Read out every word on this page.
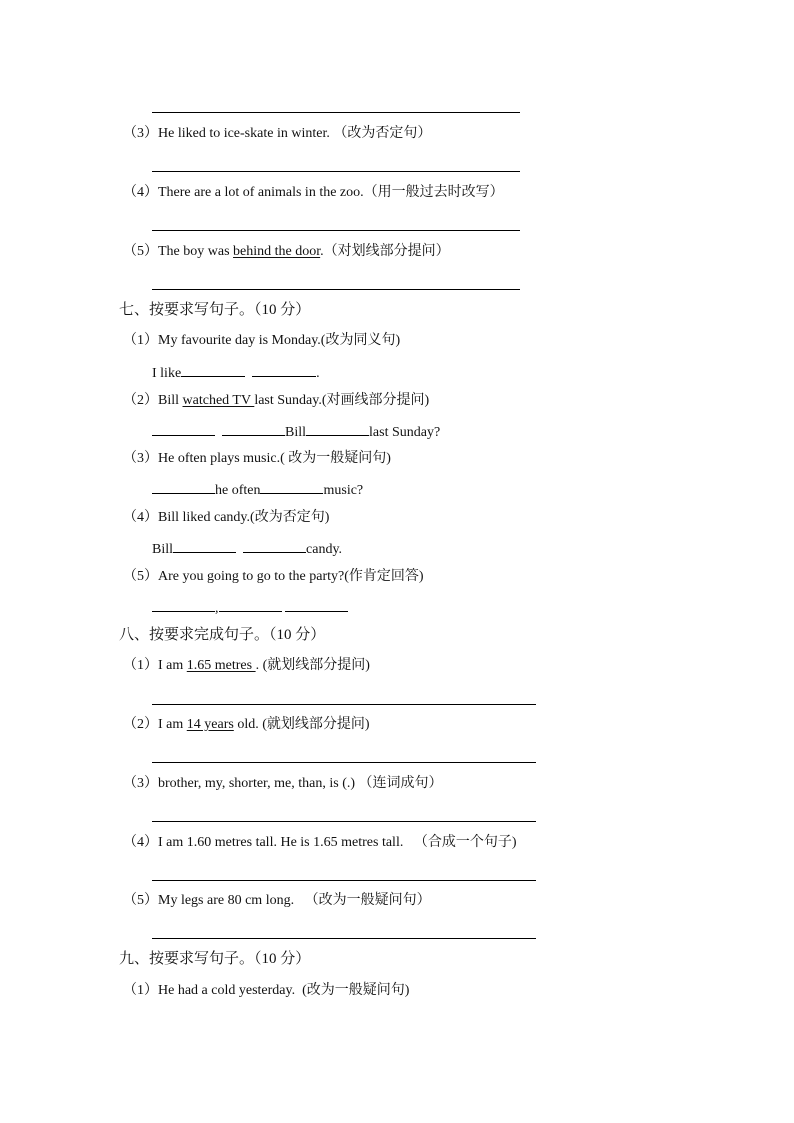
（3）He liked to ice-skate in winter. （改为否定句）
（4）There are a lot of animals in the zoo.（用一般过去时改写）
（5）The boy was behind the door.（对划线部分提问）
七、按要求写句子。（10 分）
（1）My favourite day is Monday.(改为同义句)
I like	.
（2）Bill watched TV last Sunday.(对画线部分提问)
Bill	last Sunday?
（3）He often plays music.( 改为一般疑问句)
he often	music?
（4）Bill liked candy.(改为否定句)
Bill	candy.
（5）Are you going to go to the party?(作肯定回答)
,
八、按要求完成句子。（10 分）
（1）I am 1.65 metres . (就划线部分提问)
（2）I am 14 years old. (就划线部分提问)
（3）brother, my, shorter, me, than, is (.) （连词成句）
（4）I am 1.60 metres tall. He is 1.65 metres tall. （合成一个句子)
（5）My legs are 80 cm long. （改为一般疑问句）
九、按要求写句子。（10 分）
（1）He had a cold yesterday. (改为一般疑问句)
